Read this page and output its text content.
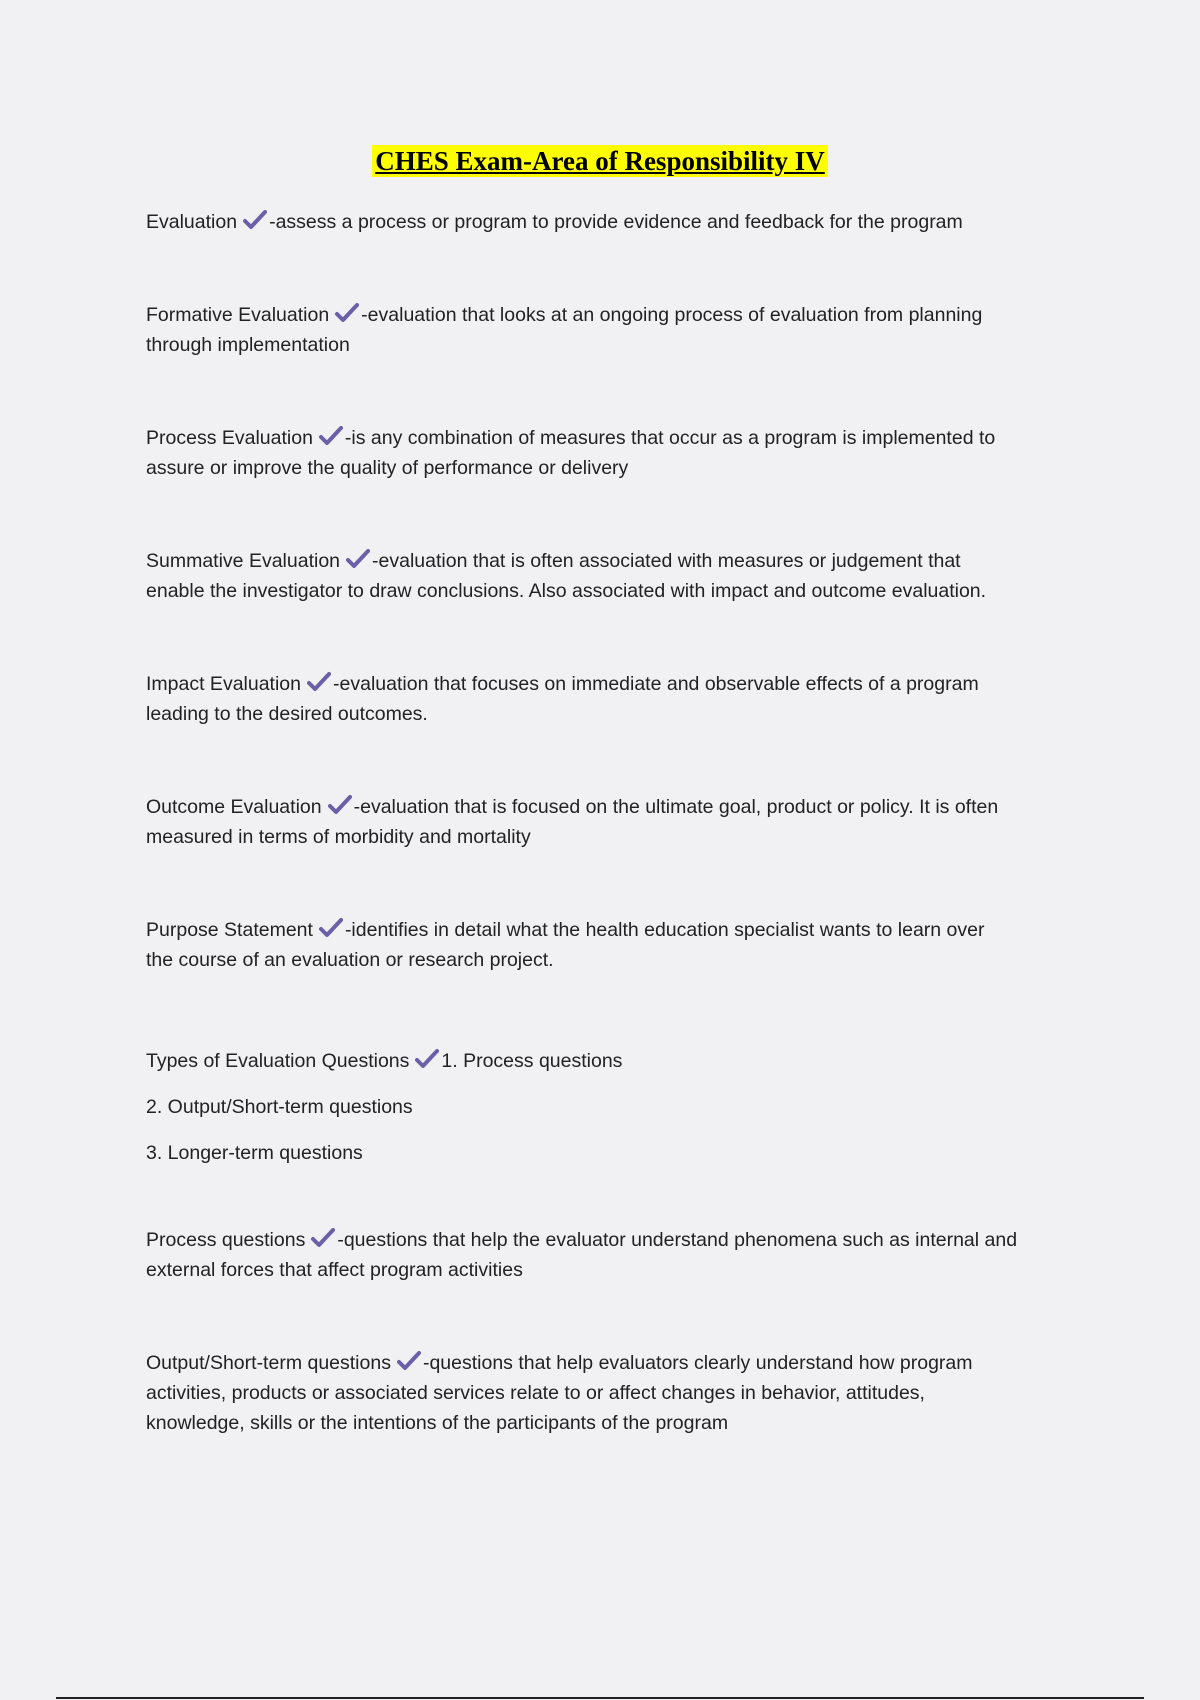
CHES Exam-Area of Responsibility IV
Evaluation -assess a process or program to provide evidence and feedback for the program
Formative Evaluation -evaluation that looks at an ongoing process of evaluation from planning
through implementation
Process Evaluation -is any combination of measures that occur as a program is implemented to
assure or improve the quality of performance or delivery
Summative Evaluation -evaluation that is often associated with measures or judgement that
enable the investigator to draw conclusions. Also associated with impact and outcome evaluation.
Impact Evaluation -evaluation that focuses on immediate and observable effects of a program
leading to the desired outcomes.
Outcome Evaluation -evaluation that is focused on the ultimate goal, product or policy. It is often
measured in terms of morbidity and mortality
Purpose Statement -identifies in detail what the health education specialist wants to learn over
the course of an evaluation or research project.
Types of Evaluation Questions 1. Process questions
2. Output/Short-term questions
3. Longer-term questions
Process questions -questions that help the evaluator understand phenomena such as internal and
external forces that affect program activities
Output/Short-term questions -questions that help evaluators clearly understand how program
activities, products or associated services relate to or affect changes in behavior, attitudes,
knowledge, skills or the intentions of the participants of the program
